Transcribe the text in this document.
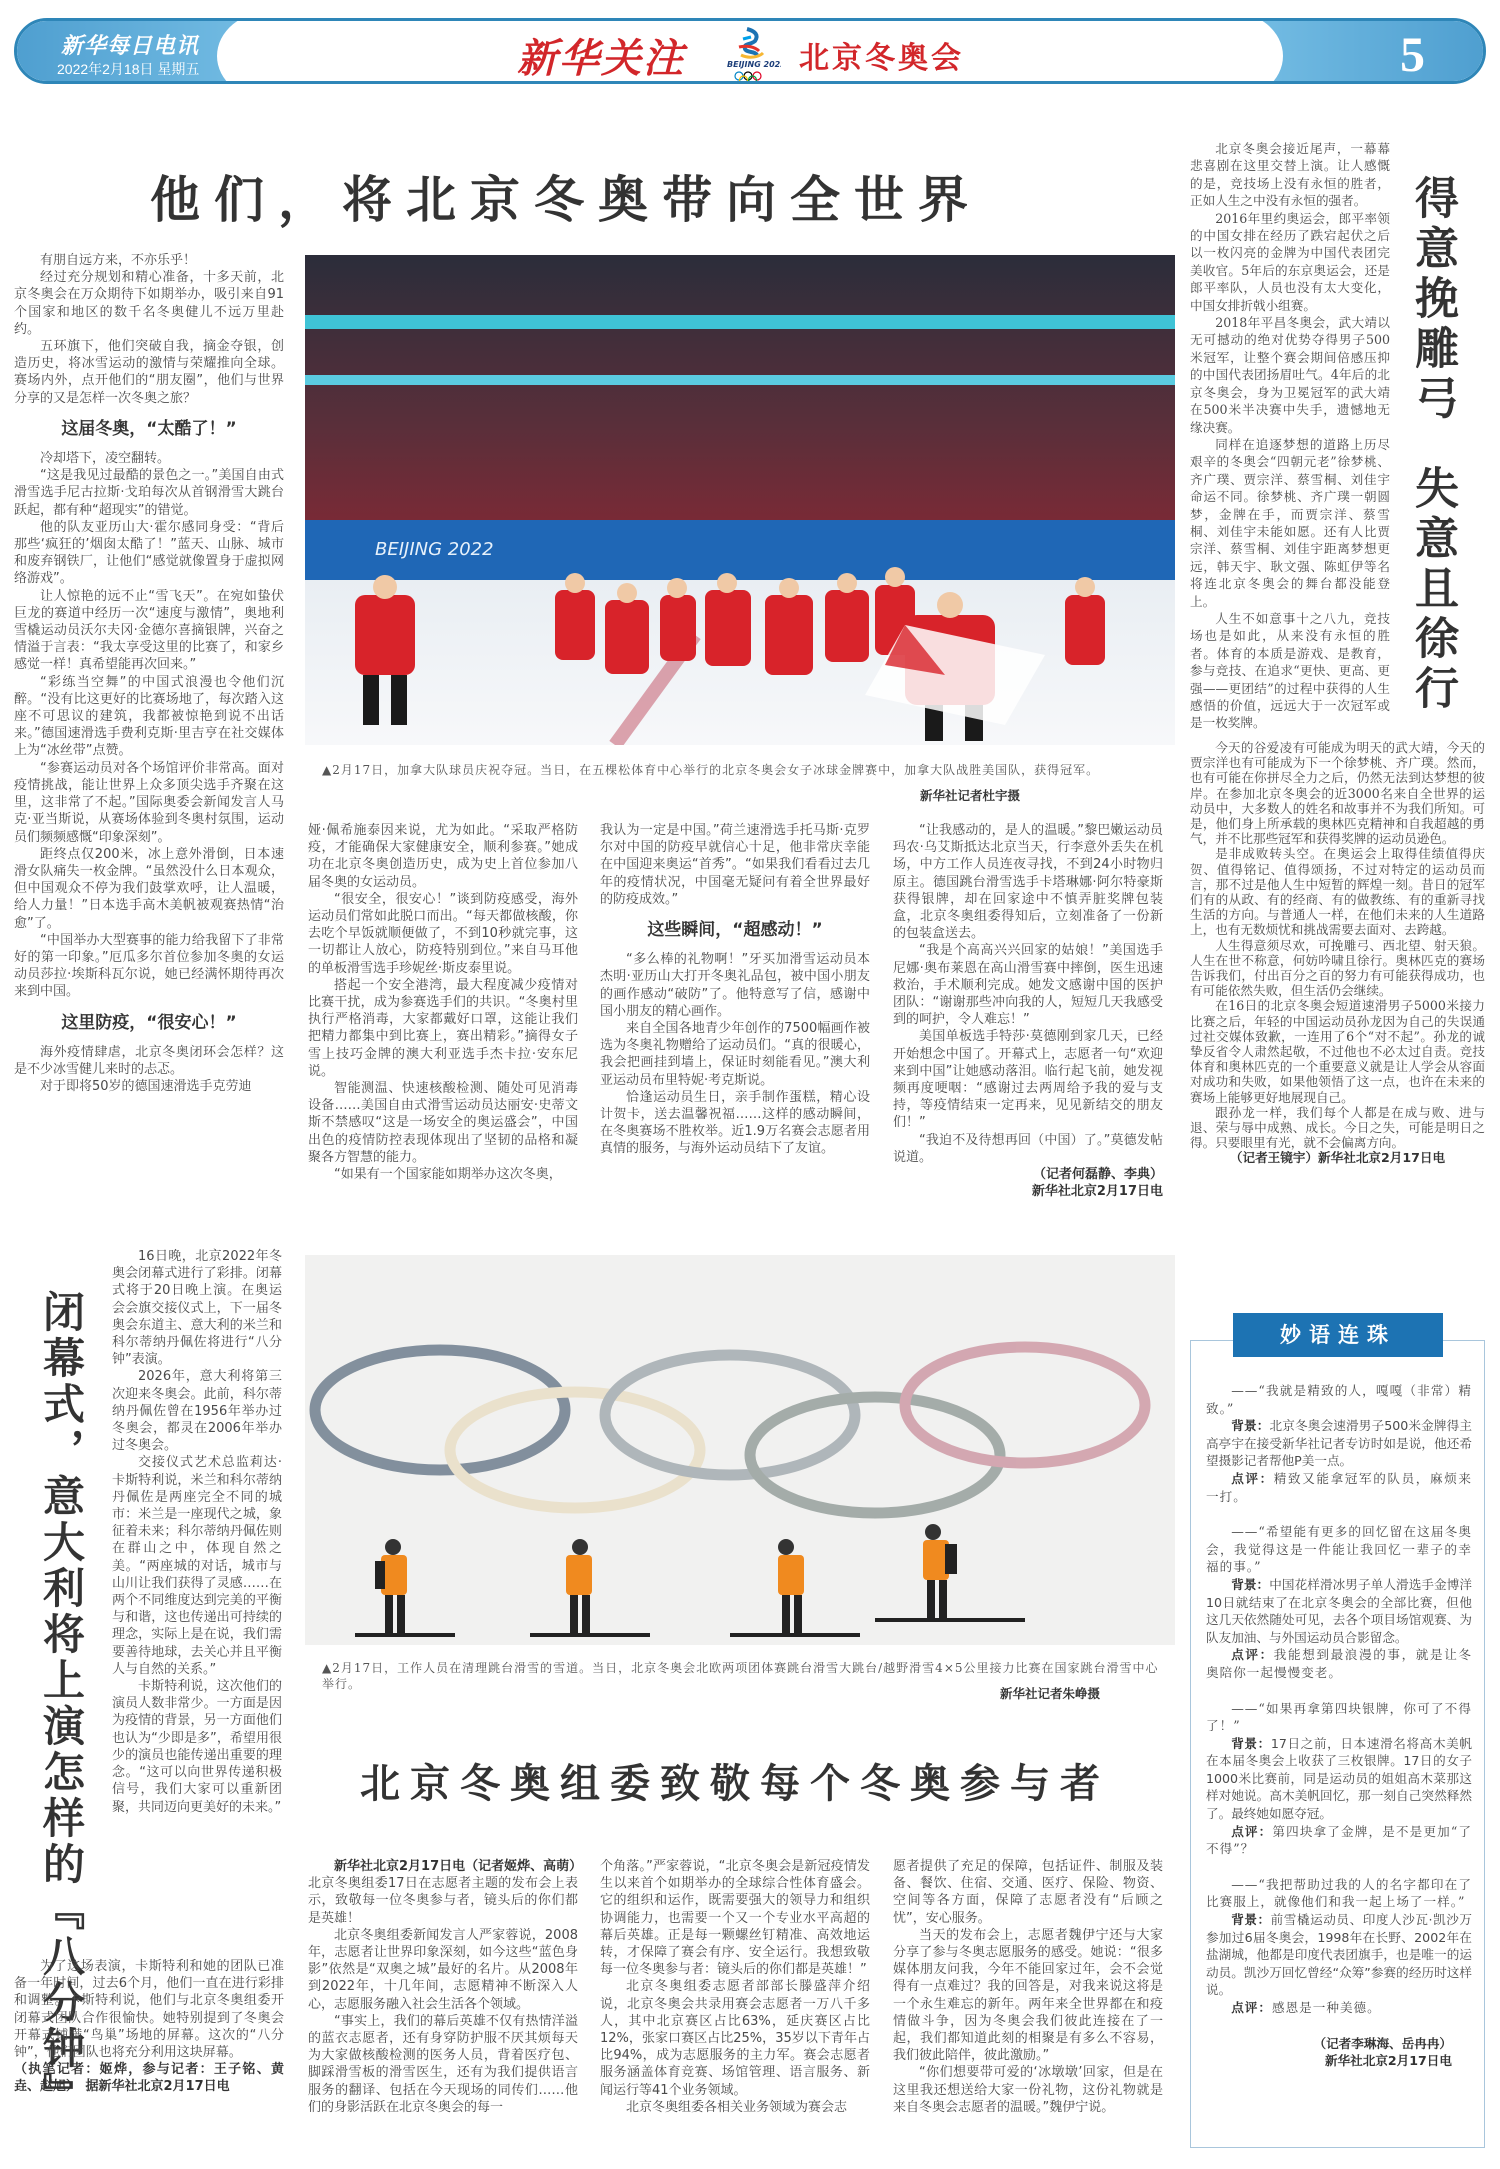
新华每日电讯
2022年2月18日 星期五	新华关注	BEIJING 2022 北京冬奥会	5
他们，将北京冬奥带向全世界
BEIJING 2022
▲2月17日，加拿大队球员庆祝夺冠。当日，在五棵松体育中心举行的北京冬奥会女子冰球金牌赛中，加拿大队战胜美国队，获得冠军。
新华社记者杜宇摄

有朋自远方来，不亦乐乎！

经过充分规划和精心准备，十多天前，北京冬奥会在万众期待下如期举办，吸引来自91个国家和地区的数千名冬奥健儿不远万里赴约。

五环旗下，他们突破自我，摘金夺银，创造历史，将冰雪运动的激情与荣耀推向全球。赛场内外，点开他们的“朋友圈”，他们与世界分享的又是怎样一次冬奥之旅？

这届冬奥，“太酷了！”

冷却塔下，凌空翻转。

“这是我见过最酷的景色之一。”美国自由式滑雪选手尼古拉斯·戈珀每次从首钢滑雪大跳台跃起，都有种“超现实”的错觉。

他的队友亚历山大·霍尔感同身受：“背后那些‘疯狂的’烟囱太酷了！”蓝天、山脉、城市和废弃钢铁厂，让他们“感觉就像置身于虚拟网络游戏”。

让人惊艳的远不止“雪飞天”。在宛如蛰伏巨龙的赛道中经历一次“速度与激情”，奥地利雪橇运动员沃尔夫冈·金德尔喜摘银牌，兴奋之情溢于言表：“我太享受这里的比赛了，和家乡感觉一样！真希望能再次回来。”

“彩练当空舞”的中国式浪漫也令他们沉醉。“没有比这更好的比赛场地了，每次踏入这座不可思议的建筑，我都被惊艳到说不出话来。”德国速滑选手费利克斯·里吉亨在社交媒体上为“冰丝带”点赞。

“参赛运动员对各个场馆评价非常高。面对疫情挑战，能让世界上众多顶尖选手齐聚在这里，这非常了不起。”国际奥委会新闻发言人马克·亚当斯说，从赛场体验到冬奥村氛围，运动员们频频感慨“印象深刻”。

距终点仅200米，冰上意外滑倒，日本速滑女队痛失一枚金牌。“虽然没什么日本观众，但中国观众不停为我们鼓掌欢呼，让人温暖，给人力量！”日本选手高木美帆被观赛热情“治愈”了。

“中国举办大型赛事的能力给我留下了非常好的第一印象。”厄瓜多尔首位参加冬奥的女运动员莎拉·埃斯科瓦尔说，她已经满怀期待再次来到中国。

这里防疫，“很安心！”

海外疫情肆虐，北京冬奥闭环会怎样？这是不少冰雪健儿来时的忐忑。

对于即将50岁的德国速滑选手克劳迪

娅·佩希施泰因来说，尤为如此。“采取严格防疫，才能确保大家健康安全，顺利参赛。”她成功在北京冬奥创造历史，成为史上首位参加八届冬奥的女运动员。

“很安全，很安心！”谈到防疫感受，海外运动员们常如此脱口而出。“每天都做核酸，你去吃个早饭就顺便做了，不到10秒就完事，这一切都让人放心，防疫特别到位。”来自马耳他的单板滑雪选手珍妮丝·斯皮泰里说。

搭起一个安全港湾，最大程度减少疫情对比赛干扰，成为参赛选手们的共识。“冬奥村里执行严格消毒，大家都戴好口罩，这能让我们把精力都集中到比赛上，赛出精彩。”摘得女子雪上技巧金牌的澳大利亚选手杰卡拉·安东尼说。

智能测温、快速核酸检测、随处可见消毒设备……美国自由式滑雪运动员达丽安·史蒂文斯不禁感叹“这是一场安全的奥运盛会”，中国出色的疫情防控表现体现出了坚韧的品格和凝聚各方智慧的能力。

“如果有一个国家能如期举办这次冬奥，

我认为一定是中国。”荷兰速滑选手托马斯·克罗尔对中国的防疫早就信心十足，他非常庆幸能在中国迎来奥运“首秀”。“如果我们看看过去几年的疫情状况，中国毫无疑问有着全世界最好的防疫成效。”

这些瞬间，“超感动！”

“多么棒的礼物啊！”牙买加滑雪运动员本杰明·亚历山大打开冬奥礼品包，被中国小朋友的画作感动“破防”了。他特意写了信，感谢中国小朋友的精心画作。

来自全国各地青少年创作的7500幅画作被选为冬奥礼物赠给了运动员们。“真的很暖心，我会把画挂到墙上，保证时刻能看见。”澳大利亚运动员布里特妮·考克斯说。

恰逢运动员生日，亲手制作蛋糕，精心设计贺卡，送去温馨祝福……这样的感动瞬间，在冬奥赛场不胜枚举。近1.9万名赛会志愿者用真情的服务，与海外运动员结下了友谊。

“让我感动的，是人的温暖。”黎巴嫩运动员玛农·乌艾斯抵达北京当天，行李意外丢失在机场，中方工作人员连夜寻找，不到24小时物归原主。德国跳台滑雪选手卡塔琳娜·阿尔特豪斯获得银牌，却在回家途中不慎弄脏奖牌包装盒，北京冬奥组委得知后，立刻准备了一份新的包装盒送去。

“我是个高高兴兴回家的姑娘！”美国选手尼娜·奥布莱恩在高山滑雪赛中摔倒，医生迅速救治，手术顺利完成。她发文感谢中国的医护团队：“谢谢那些冲向我的人，短短几天我感受到的呵护，令人难忘！”

美国单板选手特莎·莫德刚到家几天，已经开始想念中国了。开幕式上，志愿者一句“欢迎来到中国”让她感动落泪。临行起飞前，她发视频再度哽咽：“感谢过去两周给予我的爱与支持，等疫情结束一定再来，见见新结交的朋友们！”

“我迫不及待想再回（中国）了。”莫德发帖说道。

（记者何磊静、李典）
新华社北京2月17日电

北京冬奥会接近尾声，一幕幕悲喜剧在这里交替上演。让人感慨的是，竞技场上没有永恒的胜者，正如人生之中没有永恒的强者。

2016年里约奥运会，郎平率领的中国女排在经历了跌宕起伏之后以一枚闪亮的金牌为中国代表团完美收官。5年后的东京奥运会，还是郎平率队，人员也没有太大变化，中国女排折戟小组赛。

2018年平昌冬奥会，武大靖以无可撼动的绝对优势夺得男子500米冠军，让整个赛会期间倍感压抑的中国代表团扬眉吐气。4年后的北京冬奥会，身为卫冕冠军的武大靖在500米半决赛中失手，遗憾地无缘决赛。

同样在追逐梦想的道路上历尽艰辛的冬奥会“四朝元老”徐梦桃、齐广璞、贾宗洋、蔡雪桐、刘佳宇命运不同。徐梦桃、齐广璞一朝圆梦，金牌在手，而贾宗洋、蔡雪桐、刘佳宇未能如愿。还有人比贾宗洋、蔡雪桐、刘佳宇距离梦想更远，韩天宇、耿文强、陈虹伊等名将连北京冬奥会的舞台都没能登上。

人生不如意事十之八九，竞技场也是如此，从来没有永恒的胜者。体育的本质是游戏、是教育，参与竞技、在追求“更快、更高、更强——更团结”的过程中获得的人生感悟的价值，远远大于一次冠军或是一枚奖牌。

得意挽雕弓
失意且徐行

今天的谷爱凌有可能成为明天的武大靖，今天的贾宗洋也有可能成为下一个徐梦桃、齐广璞。然而，也有可能在你拼尽全力之后，仍然无法到达梦想的彼岸。在参加北京冬奥会的近3000名来自全世界的运动员中，大多数人的姓名和故事并不为我们所知。可是，他们身上所承载的奥林匹克精神和自我超越的勇气，并不比那些冠军和获得奖牌的运动员逊色。

是非成败转头空。在奥运会上取得佳绩值得庆贺、值得铭记、值得颂扬，不过对特定的运动员而言，那不过是他人生中短暂的辉煌一刻。昔日的冠军们有的从政、有的经商、有的做教练、有的重新寻找生活的方向。与普通人一样，在他们未来的人生道路上，也有无数烦忧和挑战需要去面对、去跨越。

人生得意须尽欢，可挽雕弓、西北望、射天狼。人生在世不称意，何妨吟啸且徐行。奥林匹克的赛场告诉我们，付出百分之百的努力有可能获得成功，也有可能依然失败，但生活仍会继续。

在16日的北京冬奥会短道速滑男子5000米接力比赛之后，年轻的中国运动员孙龙因为自己的失误通过社交媒体致歉，一连用了6个“对不起”。孙龙的诚挚反省令人肃然起敬，不过他也不必太过自责。竞技体育和奥林匹克的一个重要意义就是让人学会从容面对成功和失败，如果他领悟了这一点，也许在未来的赛场上能够更好地展现自己。

跟孙龙一样，我们每个人都是在成与败、进与退、荣与辱中成熟、成长。今日之失，可能是明日之得。只要眼里有光，就不会偏离方向。

（记者王镜宇）新华社北京2月17日电
闭幕式，意大利将上演怎样的『八分钟』

16日晚，北京2022年冬奥会闭幕式进行了彩排。闭幕式将于20日晚上演。在奥运会会旗交接仪式上，下一届冬奥会东道主、意大利的米兰和科尔蒂纳丹佩佐将进行“八分钟”表演。

2026年，意大利将第三次迎来冬奥会。此前，科尔蒂纳丹佩佐曾在1956年举办过冬奥会，都灵在2006年举办过冬奥会。

交接仪式艺术总监莉达·卡斯特利说，米兰和科尔蒂纳丹佩佐是两座完全不同的城市：米兰是一座现代之城，象征着未来；科尔蒂纳丹佩佐则在群山之中，体现自然之美。“两座城的对话，城市与山川让我们获得了灵感……在两个不同维度达到完美的平衡与和谐，这也传递出可持续的理念，实际上是在说，我们需要善待地球，去关心并且平衡人与自然的关系。”

卡斯特利说，这次他们的演员人数非常少。一方面是因为疫情的背景，另一方面他们也认为“少即是多”，希望用很少的演员也能传递出重要的理念。“这可以向世界传递积极信号，我们大家可以重新团聚，共同迈向更美好的未来。”

为了这场表演，卡斯特利和她的团队已准备一年时间，过去6个月，他们一直在进行彩排和调整。卡斯特利说，他们与北京冬奥组委开闭幕式团队合作很愉快。她特别提到了冬奥会开幕式铺满“鸟巢”场地的屏幕。这次的“八分钟”，他们团队也将充分利用这块屏幕。

（执笔记者：姬烨，参与记者：王子铭、黄垚、赵旭）　据新华社北京2月17日电
▲2月17日，工作人员在清理跳台滑雪的雪道。当日，北京冬奥会北欧两项团体赛跳台滑雪大跳台/越野滑雪4×5公里接力比赛在国家跳台滑雪中心举行。
新华社记者朱峥摄
北京冬奥组委致敬每个冬奥参与者

新华社北京2月17日电（记者姬烨、高萌）北京冬奥组委17日在志愿者主题的发布会上表示，致敬每一位冬奥参与者，镜头后的你们都是英雄！

北京冬奥组委新闻发言人严家蓉说，2008年，志愿者让世界印象深刻，如今这些“蓝色身影”依然是“双奥之城”最好的名片。从2008年到2022年，十几年间，志愿精神不断深入人心，志愿服务融入社会生活各个领域。

“事实上，我们的幕后英雄不仅有热情洋溢的蓝衣志愿者，还有身穿防护服不厌其烦每天为大家做核酸检测的医务人员，背着医疗包、脚踩滑雪板的滑雪医生，还有为我们提供语言服务的翻译、包括在今天现场的同传们……他们的身影活跃在北京冬奥会的每一

个角落。”严家蓉说，“北京冬奥会是新冠疫情发生以来首个如期举办的全球综合性体育盛会。它的组织和运作，既需要强大的领导力和组织协调能力，也需要一个又一个专业水平高超的幕后英雄。正是每一颗螺丝钉精准、高效地运转，才保障了赛会有序、安全运行。我想致敬每一位冬奥参与者：镜头后的你们都是英雄！”

北京冬奥组委志愿者部部长滕盛萍介绍说，北京冬奥会共录用赛会志愿者一万八千多人，其中北京赛区占比63%，延庆赛区占比12%，张家口赛区占比25%，35岁以下青年占比94%，成为志愿服务的主力军。赛会志愿者服务涵盖体育竞赛、场馆管理、语言服务、新闻运行等41个业务领域。

北京冬奥组委各相关业务领域为赛会志

愿者提供了充足的保障，包括证件、制服及装备、餐饮、住宿、交通、医疗、保险、物资、空间等各方面，保障了志愿者没有“后顾之忧”，安心服务。

当天的发布会上，志愿者魏伊宁还与大家分享了参与冬奥志愿服务的感受。她说：“很多媒体朋友问我，今年不能回家过年，会不会觉得有一点难过？我的回答是，对我来说这将是一个永生难忘的新年。两年来全世界都在和疫情做斗争，因为冬奥会我们彼此连接在了一起，我们都知道此刻的相聚是有多么不容易，我们彼此陪伴，彼此激励。”

“你们想要带可爱的‘冰墩墩’回家，但是在这里我还想送给大家一份礼物，这份礼物就是来自冬奥会志愿者的温暖。”魏伊宁说。

妙语连珠

——“我就是精致的人，嘎嘎（非常）精致。”

背景：北京冬奥会速滑男子500米金牌得主高亭宇在接受新华社记者专访时如是说，他还希望摄影记者帮他P美一点。

点评：精致又能拿冠军的队员，麻烦来一打。

——“希望能有更多的回忆留在这届冬奥会，我觉得这是一件能让我回忆一辈子的幸福的事。”

背景：中国花样滑冰男子单人滑选手金博洋10日就结束了在北京冬奥会的全部比赛，但他这几天依然随处可见，去各个项目场馆观赛、为队友加油、与外国运动员合影留念。

点评：我能想到最浪漫的事，就是让冬奥陪你一起慢慢变老。

——“如果再拿第四块银牌，你可了不得了！”

背景：17日之前，日本速滑名将高木美帆在本届冬奥会上收获了三枚银牌。17日的女子1000米比赛前，同是运动员的姐姐高木菜那这样对她说。高木美帆回忆，那一刻自己突然释然了。最终她如愿夺冠。

点评：第四块拿了金牌，是不是更加“了不得”？

——“我把帮助过我的人的名字都印在了比赛服上，就像他们和我一起上场了一样。”

背景：前雪橇运动员、印度人沙瓦·凯沙万参加过6届冬奥会，1998年在长野、2002年在盐湖城，他都是印度代表团旗手，也是唯一的运动员。凯沙万回忆曾经“众筹”参赛的经历时这样说。

点评：感恩是一种美德。

（记者李琳海、岳冉冉）
新华社北京2月17日电
